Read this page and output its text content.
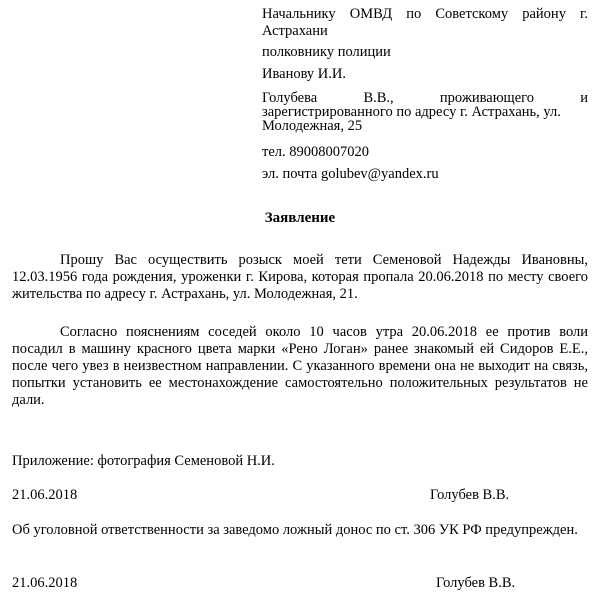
Начальнику ОМВД по Советскому району г. Астрахани
полковнику полиции
Иванову И.И.
Голубева В.В., проживающего и
зарегистрированного по адресу г. Астрахань, ул. Молодежная, 25
тел. 89008007020
эл. почта golubev@yandex.ru
Заявление
Прошу Вас осуществить розыск моей тети Семеновой Надежды Ивановны, 12.03.1956 года рождения, уроженки г. Кирова, которая пропала 20.06.2018 по месту своего жительства по адресу г. Астрахань, ул. Молодежная, 21.
Согласно пояснениям соседей около 10 часов утра 20.06.2018 ее против воли посадил в машину красного цвета марки «Рено Логан» ранее знакомый ей Сидоров Е.Е., после чего увез в неизвестном направлении. С указанного времени она не выходит на связь, попытки установить ее местонахождение самостоятельно положительных результатов не дали.
Приложение: фотография Семеновой Н.И.
21.06.2018	Голубев В.В.
Об уголовной ответственности за заведомо ложный донос по ст. 306 УК РФ предупрежден.
21.06.2018	Голубев В.В.
